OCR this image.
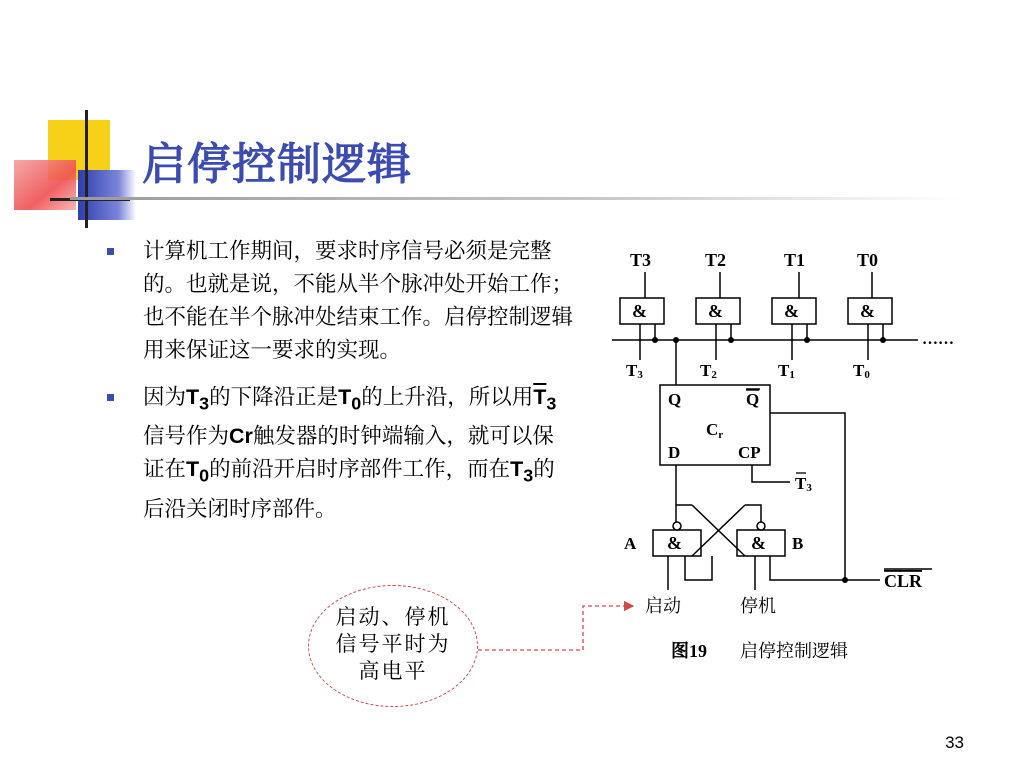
启停控制逻辑
计算机工作期间，要求时序信号必须是完整的。也就是说，不能从半个脉冲处开始工作；也不能在半个脉冲处结束工作。启停控制逻辑用来保证这一要求的实现。
因为$T_3$的下降沿正是$T_0$的上升沿，所以用$\overline{T}_3$信号作为Cr触发器的时钟端输入，就可以保证在$T_0$的前沿开启时序部件工作，而在$T_3$的后沿关闭时序部件。
启动、停机
信号平时为
高电平
T3	T2	T1	T0
&	&	&	&
……
T3	T2	T1	T0
Q	Q
Cr
D	CP
T3
&
A	& B
CLR
启动	停机
图19 启停控制逻辑
33
